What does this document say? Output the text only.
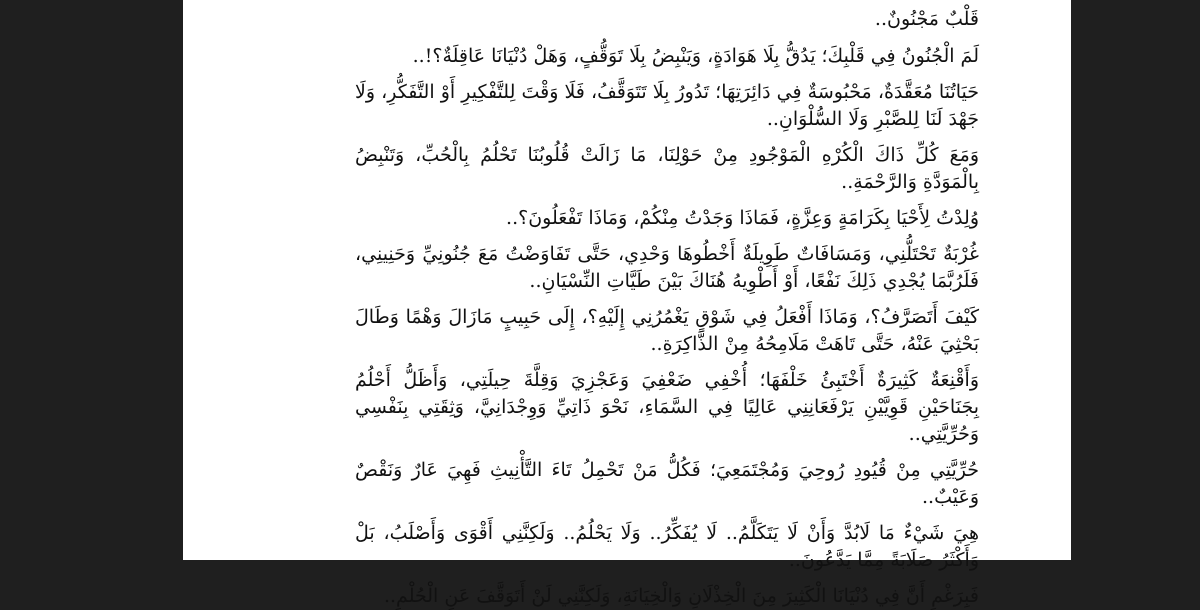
قَلْبٌ مَجْنُونٌ..

لَمَ الْجُنُونُ فِي قَلْبِكَ؛ يَدُقُّ بِلَا هَوَادَةٍ، وَيَنْبِضُ بِلَا تَوَقُّفٍ، وَهَلْ دُنْيَانَا عَاقِلَةٌ؟!..

حَيَاتُنَا مُعَقَّدَةٌ، مَحْبُوسَةٌ فِي دَائِرَتِهَا؛ تَدُورُ بِلَا تَتَوَقَّفُ، فَلَا وَقْتَ لِلتَّفْكِيرِ أَوْ التَّفَكُّرِ، وَلَا جَهْدَ لَنَا لِلصَّبْرِ وَلَا السُّلْوَانِ..

وَمَعَ كُلِّ ذَاكَ الْكُرْهِ الْمَوْجُودِ مِنْ حَوْلِنَا، مَا زَالَتْ قُلُوبُنَا تَحْلُمُ بِالْحُبِّ، وَتَنْبِضُ بِالْمَوَدَّةِ وَالرَّحْمَةِ..

وُلِدْتُ لِأَحْيَا بِكَرَامَةٍ وَعِزَّةٍ، فَمَاذَا وَجَدْتُ مِنْكُمْ، وَمَاذَا تَفْعَلُونَ؟..

غُرْبَةٌ تَحْتَلُّنِي، وَمَسَافَاتٌ طَوِيلَةٌ أَخْطُوهَا وَحْدِي، حَتَّى تَفَاوَضْتُ مَعَ جُنُونِيِّ وَحَنِينِي، فَلَرُبَّمَا يُجْدِي ذَلِكَ نَفْعًا، أَوْ أَطْوِيهُ هُنَاكَ بَيْنَ طَيَّاتِ النِّسْيَانِ..

كَيْفَ أَتَصَرَّفُ؟، وَمَاذَا أَفْعَلُ فِي شَوْقٍ يَغْمُرُنِي إِلَيْهِ؟، إِلَى حَبِيبٍ مَازَالَ وَهْمًا وَطَالَ بَحْثِيَ عَنْهُ، حَتَّى تَاهَتْ مَلَامِحُهُ مِنْ الذَّاكِرَةِ..

وَأَقْنِعَةٌ كَثِيرَةٌ أَخْتَبِئُ خَلْفَهَا؛ أُخْفِي ضَعْفِيَ وَعَجْزِيَ وَقِلَّةَ حِيلَتِي، وَأَظَلُّ أَحْلُمُ بِجَنَاحَيْنِ قَوِيَّيْنِ يَرْفَعَانِنِي عَالِيًا فِي السَّمَاءِ، نَحْوَ ذَاتِيِّ وَوِجْدَانِيَّ، وَثِقَتِي بِنَفْسِي وَحُرِّيَّتِي..

حُرِّيَّتِي مِنْ قُيُودِ رُوحِيَ وَمُجْتَمَعِيَ؛ فَكُلُّ مَنْ تَحْمِلُ تَاءَ التَّأْنِيثِ فَهِيَ عَارٌ وَنَقْصٌ وَعَيْبٌ..

هِيَ شَيْءٌ مَا لَابُدَّ وَأَنْ لَا يَتَكَلَّمُ.. لَا يُفَكِّرُ.. وَلَا يَحْلُمُ.. وَلَكِنَّنِي أَقْوَى وَأَصْلَبُ، بَلْ وَأَكْثَرُ صَلَابَةً مِمَّا يَدَّعُونَ..

فَبِرَغْمِ أَنَّ فِي دُنْيَانَا الْكَثِيرَ مِنَ الْخِذْلَانِ وَالْخِيَانَةِ، وَلَكِنَّنِي لَنْ أَتَوَقَّفَ عَنِ الْحُلْمِ..
